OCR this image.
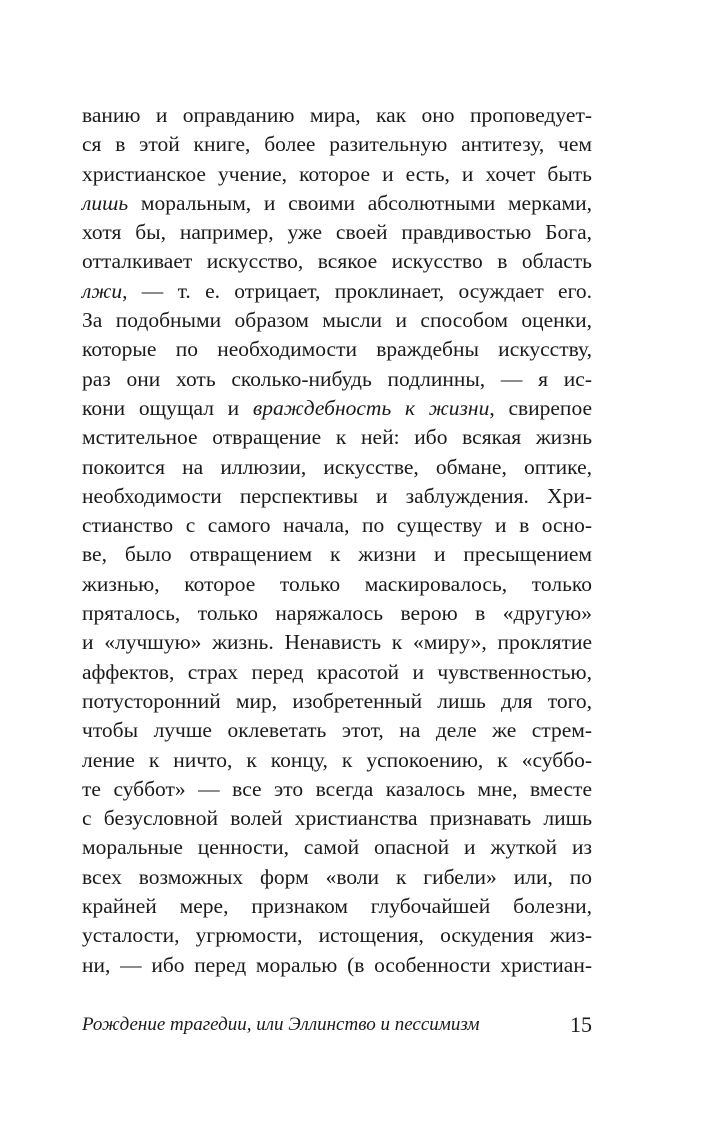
ванию и оправданию мира, как оно проповедует-
ся в этой книге, более разительную антитезу, чем
христианское учение, которое и есть, и хочет быть
лишь моральным, и своими абсолютными мерками,
хотя бы, например, уже своей правдивостью Бога,
отталкивает искусство, всякое искусство в область
лжи, — т. е. отрицает, проклинает, осуждает его.
За подобными образом мысли и способом оценки,
которые по необходимости враждебны искусству,
раз они хоть сколько-нибудь подлинны, — я ис-
кони ощущал и враждебность к жизни, свирепое
мстительное отвращение к ней: ибо всякая жизнь
покоится на иллюзии, искусстве, обмане, оптике,
необходимости перспективы и заблуждения. Хри-
стианство с самого начала, по существу и в осно-
ве, было отвращением к жизни и пресыщением
жизнью, которое только маскировалось, только
пряталось, только наряжалось верою в «другую»
и «лучшую» жизнь. Ненависть к «миру», проклятие
аффектов, страх перед красотой и чувственностью,
потусторонний мир, изобретенный лишь для того,
чтобы лучше оклеветать этот, на деле же стрем-
ление к ничто, к концу, к успокоению, к «суббо-
те суббот» — все это всегда казалось мне, вместе
с безусловной волей христианства признавать лишь
моральные ценности, самой опасной и жуткой из
всех возможных форм «воли к гибели» или, по
крайней мере, признаком глубочайшей болезни,
усталости, угрюмости, истощения, оскудения жиз-
ни, — ибо перед моралью (в особенности христиан-
Рождение трагедии, или Эллинство и пессимизм	15
